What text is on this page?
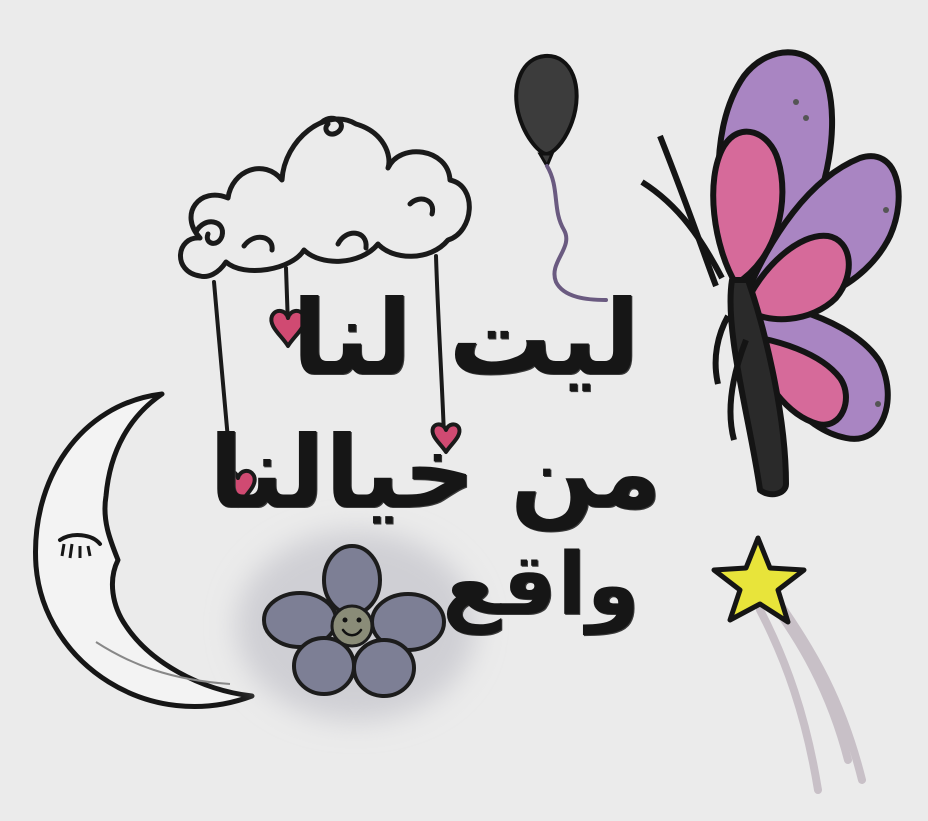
ليت لنا

من خيالنا

واقع
